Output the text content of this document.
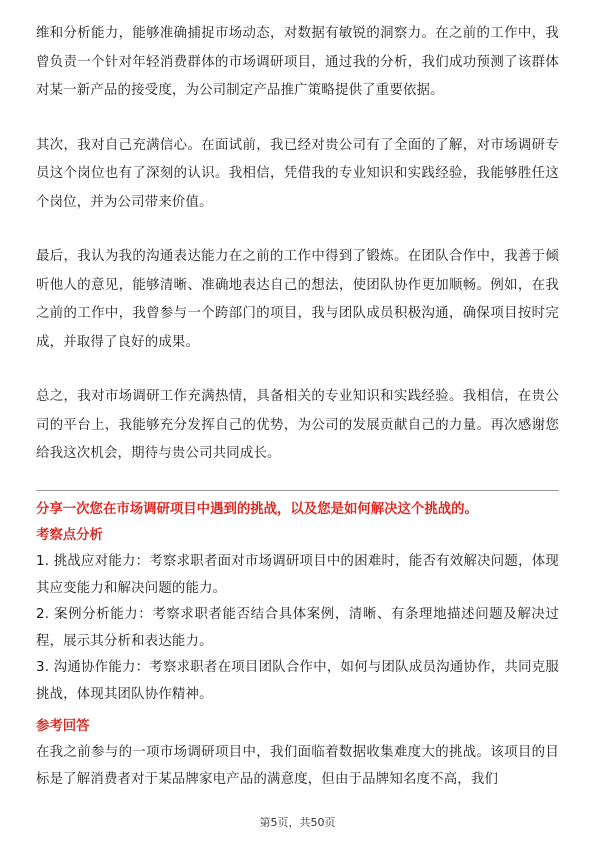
维和分析能力，能够准确捕捉市场动态，对数据有敏锐的洞察力。在之前的工作中，我曾负责一个针对年轻消费群体的市场调研项目，通过我的分析，我们成功预测了该群体对某一新产品的接受度，为公司制定产品推广策略提供了重要依据。

其次，我对自己充满信心。在面试前，我已经对贵公司有了全面的了解，对市场调研专员这个岗位也有了深刻的认识。我相信，凭借我的专业知识和实践经验，我能够胜任这个岗位，并为公司带来价值。

最后，我认为我的沟通表达能力在之前的工作中得到了锻炼。在团队合作中，我善于倾听他人的意见，能够清晰、准确地表达自己的想法，使团队协作更加顺畅。例如，在我之前的工作中，我曾参与一个跨部门的项目，我与团队成员积极沟通，确保项目按时完成，并取得了良好的成果。

总之，我对市场调研工作充满热情，具备相关的专业知识和实践经验。我相信，在贵公司的平台上，我能够充分发挥自己的优势，为公司的发展贡献自己的力量。再次感谢您给我这次机会，期待与贵公司共同成长。

分享一次您在市场调研项目中遇到的挑战，以及您是如何解决这个挑战的。

考察点分析

1. 挑战应对能力：考察求职者面对市场调研项目中的困难时，能否有效解决问题，体现其应变能力和解决问题的能力。

2. 案例分析能力：考察求职者能否结合具体案例，清晰、有条理地描述问题及解决过程，展示其分析和表达能力。

3. 沟通协作能力：考察求职者在项目团队合作中，如何与团队成员沟通协作，共同克服挑战，体现其团队协作精神。

参考回答

在我之前参与的一项市场调研项目中，我们面临着数据收集难度大的挑战。该项目的目标是了解消费者对于某品牌家电产品的满意度，但由于品牌知名度不高，我们

第5页，共50页
